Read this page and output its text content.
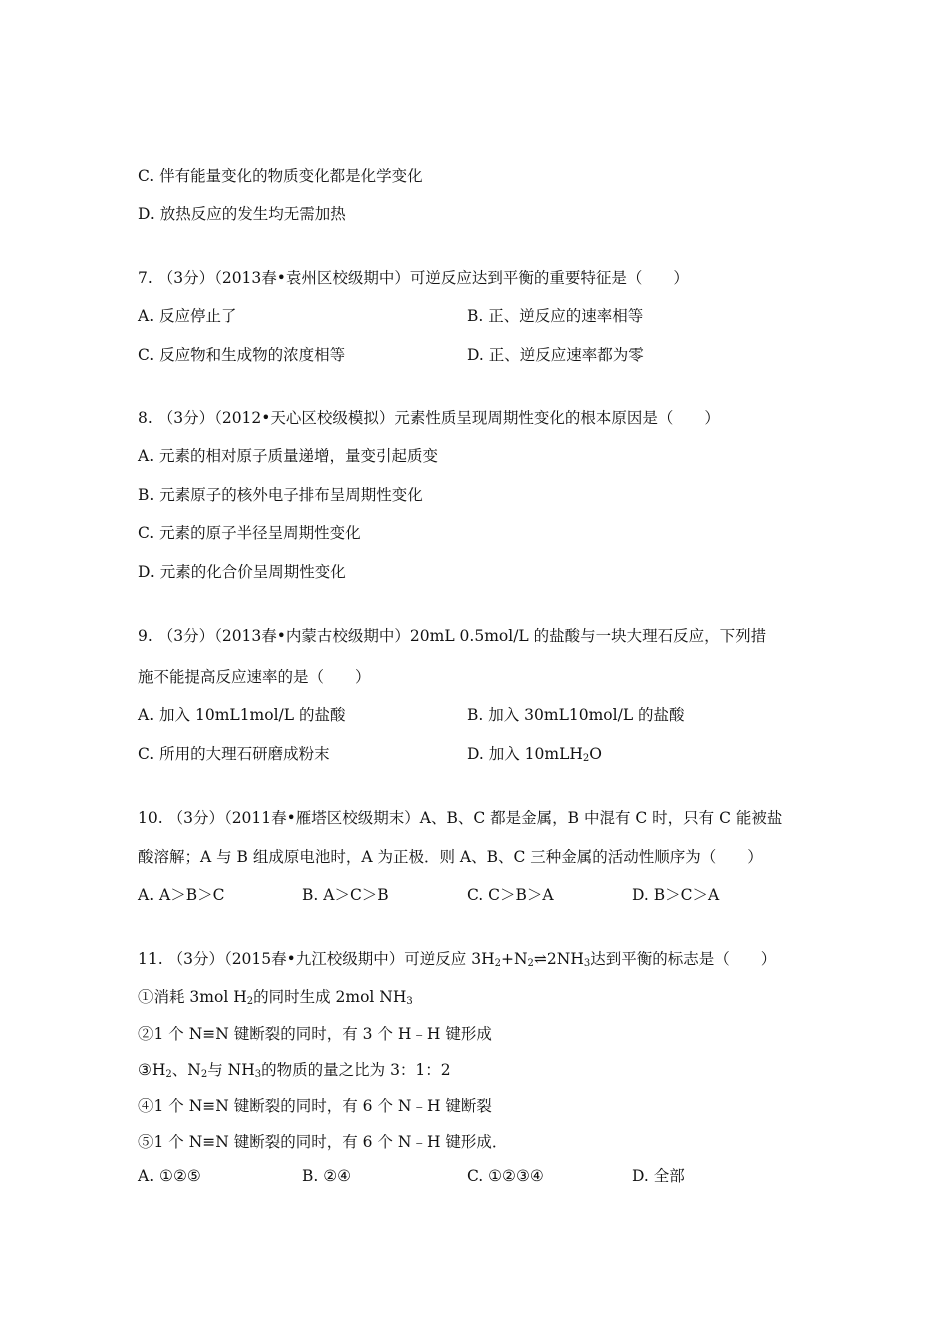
C. 伴有能量变化的物质变化都是化学变化
D. 放热反应的发生均无需加热
7. （3分）（2013春•袁州区校级期中）可逆反应达到平衡的重要特征是（　　）
A. 反应停止了	B. 正、逆反应的速率相等
C. 反应物和生成物的浓度相等	D. 正、逆反应速率都为零
8. （3分）（2012•天心区校级模拟）元素性质呈现周期性变化的根本原因是（　　）
A. 元素的相对原子质量递增，量变引起质变
B. 元素原子的核外电子排布呈周期性变化
C. 元素的原子半径呈周期性变化
D. 元素的化合价呈周期性变化
9. （3分）（2013春•内蒙古校级期中）20mL 0.5mol/L 的盐酸与一块大理石反应，下列措
施不能提高反应速率的是（　　）
A. 加入 10mL1mol/L 的盐酸	B. 加入 30mL10mol/L 的盐酸
C. 所用的大理石研磨成粉末	D. 加入 10mLH$_2$O
10. （3分）（2011春•雁塔区校级期末）A、B、C 都是金属，B 中混有 C 时，只有 C 能被盐
酸溶解；A 与 B 组成原电池时，A 为正极．则 A、B、C 三种金属的活动性顺序为（　　）
A. A＞B＞C	B. A＞C＞B	C. C＞B＞A	D. B＞C＞A
11. （3分）（2015春•九江校级期中）可逆反应 $3H_2+N_2\rightleftharpoons 2NH_3$达到平衡的标志是（　　）
①消耗 3mol $H_2$的同时生成 2mol $NH_3$
②1 个 N≡N 键断裂的同时，有 3 个 H﹣H 键形成
$③H_2$、$N_2$与 $NH_3$的物质的量之比为 3：1：2
④1 个 N≡N 键断裂的同时，有 6 个 N﹣H 键断裂
⑤1 个 N≡N 键断裂的同时，有 6 个 N﹣H 键形成．
A. ①②⑤	B. ②④	C. ①②③④	D. 全部
